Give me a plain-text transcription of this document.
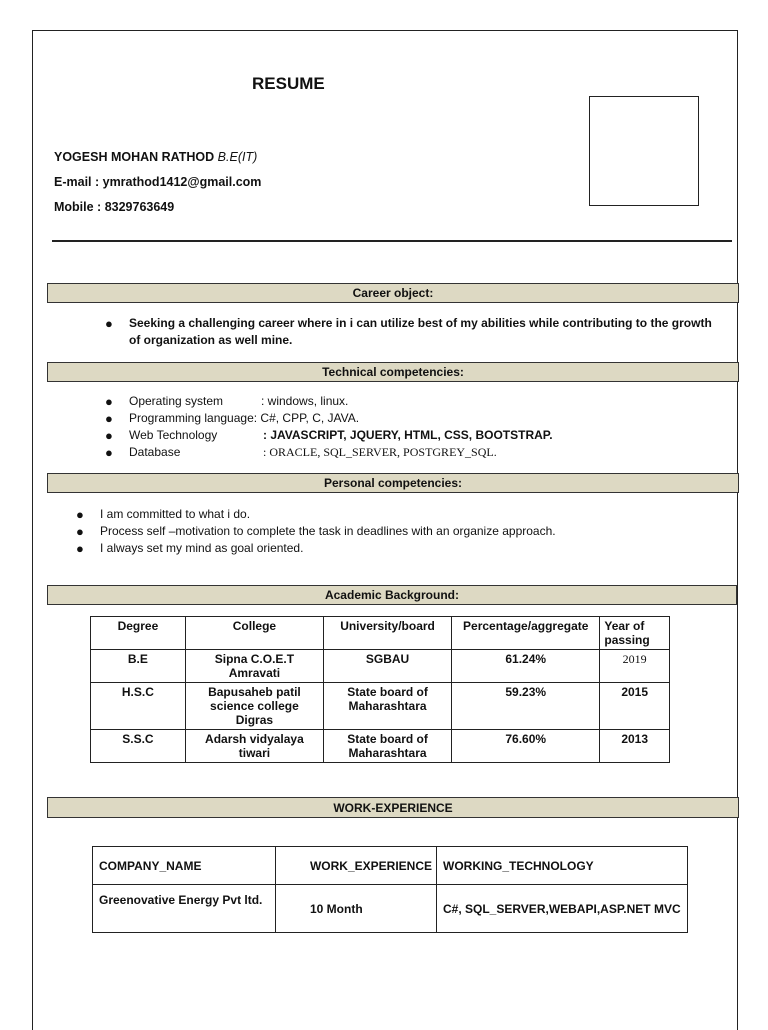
RESUME
YOGESH MOHAN RATHOD B.E(IT)
E-mail : ymrathod1412@gmail.com
Mobile : 8329763649
Career object:
● Seeking a challenging career where in i can utilize best of my abilities while contributing to the growth
of organization as well mine.
Technical competencies:
● Operating system	: windows, linux.
● Programming language: C#, CPP, C, JAVA.
● Web Technology	: JAVASCRIPT, JQUERY, HTML, CSS, BOOTSTRAP.
● Database	: ORACLE, SQL_SERVER, POSTGREY_SQL.
Personal competencies:
● I am committed to what i do.
● Process self –motivation to complete the task in deadlines with an organize approach.
● I always set my mind as goal oriented.
Academic Background:
Degree	College	University/board	Percentage/aggregate	Year of passing
B.E	Sipna C.O.E.T Amravati	SGBAU	61.24%	2019
H.S.C	Bapusaheb patil science college Digras	State board of Maharashtara	59.23%	2015
S.S.C	Adarsh vidyalaya tiwari	State board of Maharashtara	76.60%	2013
WORK-EXPERIENCE
COMPANY_NAME	WORK_EXPERIENCE	WORKING_TECHNOLOGY
Greenovative Energy Pvt ltd.	10 Month	C#, SQL_SERVER,WEBAPI,ASP.NET MVC
